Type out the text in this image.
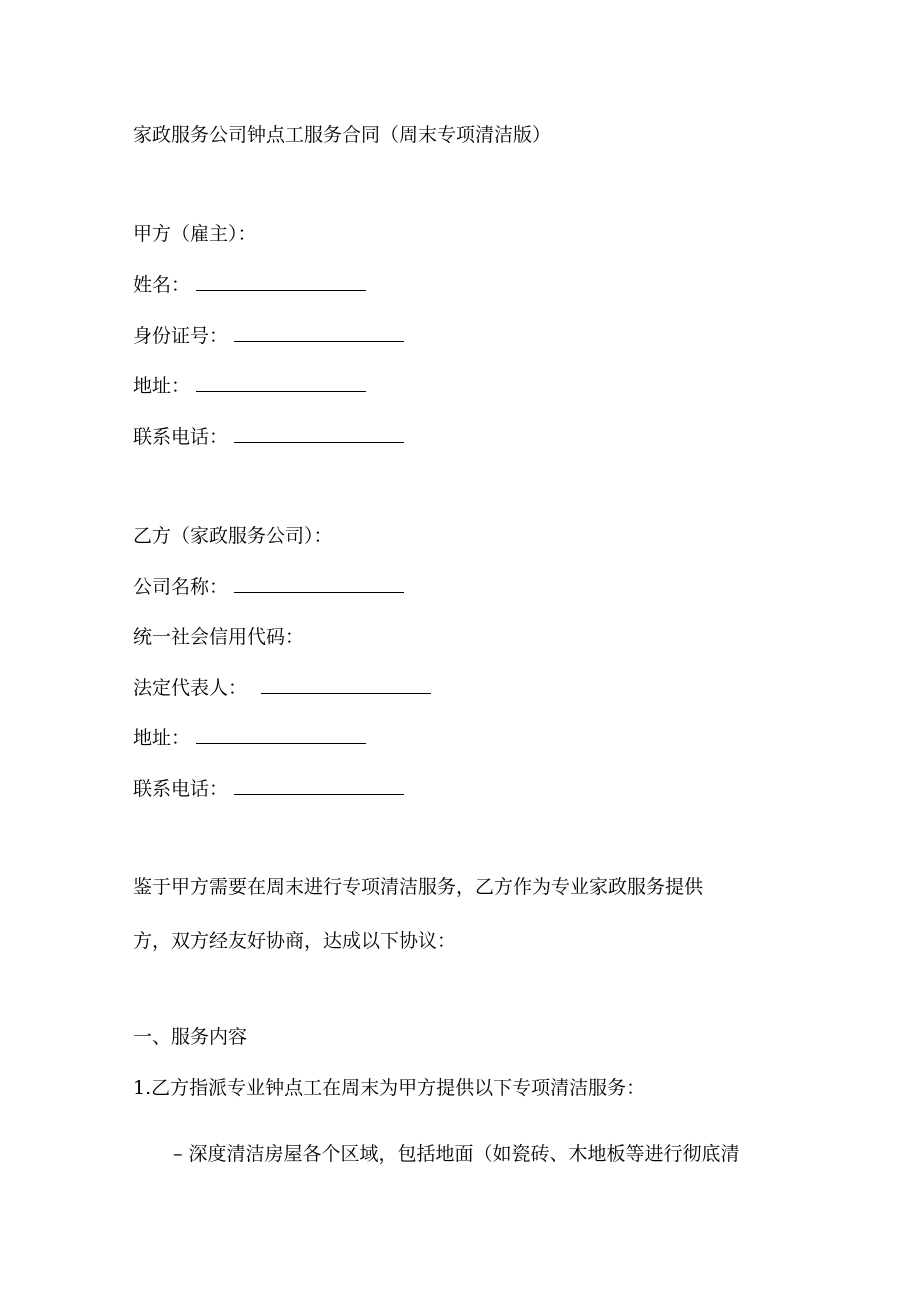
家政服务公司钟点工服务合同（周末专项清洁版）
甲方（雇主）：
姓名：
身份证号：
地址：
联系电话：
乙方（家政服务公司）：
公司名称：
统一社会信用代码：
法定代表人：
地址：
联系电话：
鉴于甲方需要在周末进行专项清洁服务，乙方作为专业家政服务提供
方，双方经友好协商，达成以下协议：
一、服务内容
1.乙方指派专业钟点工在周末为甲方提供以下专项清洁服务：
– 深度清洁房屋各个区域，包括地面（如瓷砖、木地板等进行彻底清
